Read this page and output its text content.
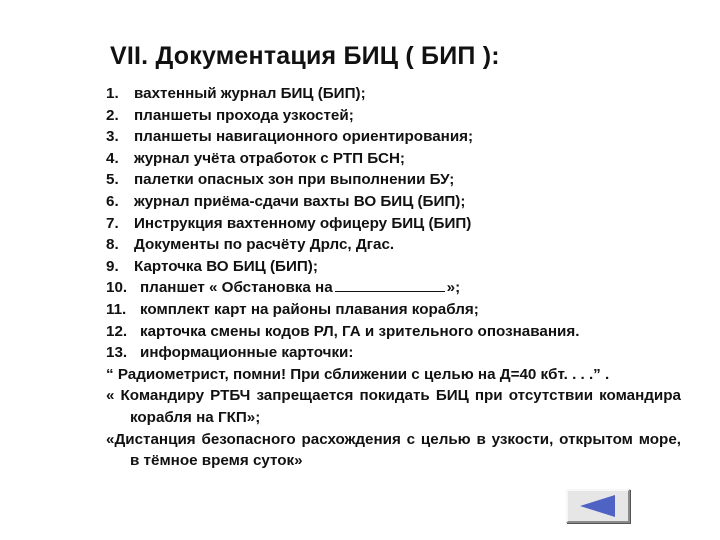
VII. Документация БИЦ ( БИП ):
1.	вахтенный журнал БИЦ (БИП);
2.	планшеты прохода узкостей;
3.	планшеты навигационного ориентирования;
4.	журнал учёта отработок с РТП БСН;
5.	палетки опасных зон при выполнении БУ;
6.	журнал приёма-сдачи вахты ВО БИЦ (БИП);
7.	Инструкция вахтенному офицеру БИЦ (БИП)
8.	Документы по расчёту Дрлс, Дгас.
9.	Карточка ВО БИЦ (БИП);
10. планшет « Обстановка на	»;
11. комплект карт на районы плавания корабля;
12. карточка смены кодов РЛ, ГА и зрительного опознавания.
13. информационные карточки:
“ Радиометрист, помни! При сближении с целью на Д=40 кбт. . . .” .
« Командиру РТБЧ запрещается покидать БИЦ при отсутствии командира корабля на ГКП»;
«Дистанция безопасного расхождения с целью в узкости, открытом море, в тёмное время суток»
